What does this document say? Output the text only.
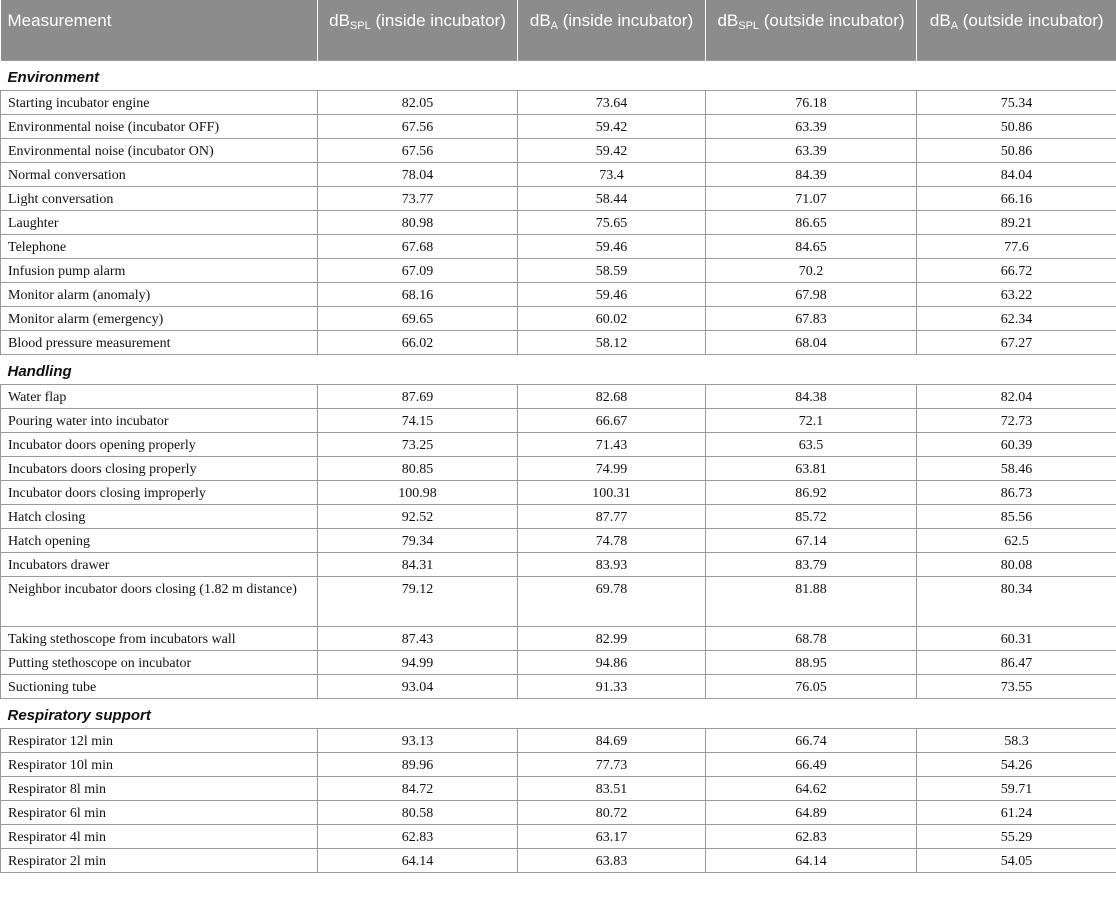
Measurement	$dB_{SPL}$ (inside incubator)	$dB_A$ (inside incubator)	$dB_{SPL}$ (outside incubator)	$dB_A$ (outside incubator)
Environment				
Starting incubator engine	82.05	73.64	76.18	75.34
Environmental noise (incubator OFF)	67.56	59.42	63.39	50.86
Environmental noise (incubator ON)	67.56	59.42	63.39	50.86
Normal conversation	78.04	73.4	84.39	84.04
Light conversation	73.77	58.44	71.07	66.16
Laughter	80.98	75.65	86.65	89.21
Telephone	67.68	59.46	84.65	77.6
Infusion pump alarm	67.09	58.59	70.2	66.72
Monitor alarm (anomaly)	68.16	59.46	67.98	63.22
Monitor alarm (emergency)	69.65	60.02	67.83	62.34
Blood pressure measurement	66.02	58.12	68.04	67.27
Handling				
Water flap	87.69	82.68	84.38	82.04
Pouring water into incubator	74.15	66.67	72.1	72.73
Incubator doors opening properly	73.25	71.43	63.5	60.39
Incubators doors closing properly	80.85	74.99	63.81	58.46
Incubator doors closing improperly	100.98	100.31	86.92	86.73
Hatch closing	92.52	87.77	85.72	85.56
Hatch opening	79.34	74.78	67.14	62.5
Incubators drawer	84.31	83.93	83.79	80.08
Neighbor incubator doors closing (1.82 m distance)	79.12	69.78	81.88	80.34
Taking stethoscope from incubators wall	87.43	82.99	68.78	60.31
Putting stethoscope on incubator	94.99	94.86	88.95	86.47
Suctioning tube	93.04	91.33	76.05	73.55
Respiratory support				
Respirator 12l min	93.13	84.69	66.74	58.3
Respirator 10l min	89.96	77.73	66.49	54.26
Respirator 8l min	84.72	83.51	64.62	59.71
Respirator 6l min	80.58	80.72	64.89	61.24
Respirator 4l min	62.83	63.17	62.83	55.29
Respirator 2l min	64.14	63.83	64.14	54.05
